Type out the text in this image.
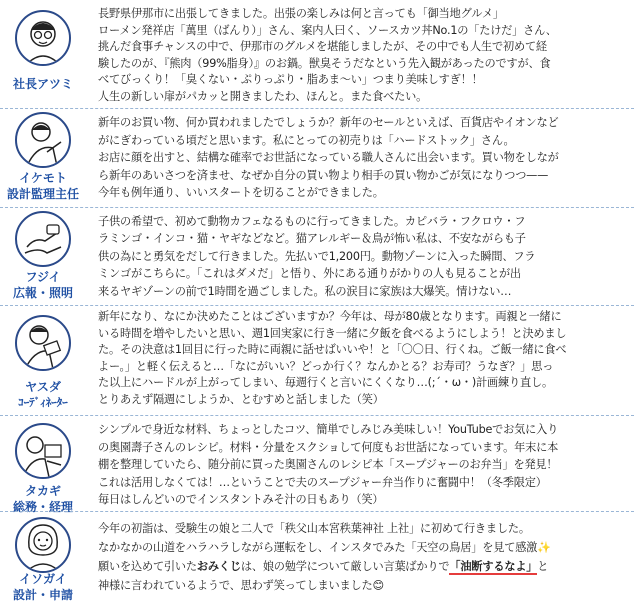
社長アツミ

長野県伊那市に出張してきました。出張の楽しみは何と言っても「御当地グルメ」

ローメン発祥店「萬里（ばんり）」さん、案内人曰く、ソースカツ丼No.1の「たけだ」さん、

挑んだ食事チャンスの中で、伊那市のグルメを堪能しましたが、その中でも人生で初めて経

験したのが、『熊肉（99%脂身）』のお鍋。獣臭そうだなという先入観があったのですが、食

べてびっくり！「臭くない・ぷりっぷり・脂あま〜い」つまり美味しすぎ！！

人生の新しい扉がパカッと開きましたわ、ほんと。また食べたい。

イケモト
設計監理主任

新年のお買い物、何か買われましたでしょうか？新年のセールといえば、百貨店やイオンなど

がにぎわっている頃だと思います。私にとっての初売りは「ハードストック」さん。

お店に顔を出すと、結構な確率でお世話になっている職人さんに出会います。買い物をしなが

ら新年のあいさつを済ませ、なぜか自分の買い物より相手の買い物かごが気になりつつ——

今年も例年通り、いいスタートを切ることができました。

フジイ
広報・照明

子供の希望で、初めて動物カフェなるものに行ってきました。カピバラ・フクロウ・フ

ラミンゴ・インコ・猫・ヤギなどなど。猫アレルギー＆鳥が怖い私は、不安ながらも子

供の為にと勇気をだして行きました。先払いで1,200円。動物ゾーンに入った瞬間、フラ

ミンゴがこちらに。「これはダメだ」と悟り、外にある通りがかりの人も見ることが出

来るヤギゾーンの前で1時間を過ごしました。私の涙目に家族は大爆笑。情けない…

ヤスダ
ｺｰﾃﾞｨﾈｰﾀｰ

新年になり、なにか決めたことはございますか？今年は、母が80歳となります。両親と一緒に

いる時間を増やしたいと思い、週1回実家に行き一緒に夕飯を食べるようにしよう！と決めまし

た。その決意は1回目に行った時に両親に話せばいいや！と「〇〇日、行くね。ご飯一緒に食べ

よー。」と軽く伝えると…「なにがいい？どっか行く？なんかとる？お寿司？うなぎ？」思っ

た以上にハードルが上がってしまい、毎週行くと言いにくくなり…(;´・ω・)計画練り直し。

とりあえず隔週にしようか、とむすめと話しました（笑）

タカギ
総務・経理

シンプルで身近な材料、ちょっとしたコツ、簡単でしみじみ美味しい！YouTubeでお気に入り

の奥園壽子さんのレシピ。材料・分量をスクショして何度もお世話になっています。年末に本

棚を整理していたら、随分前に買った奥園さんのレシピ本「スープジャーのお弁当」を発見！

これは活用しなくては！…ということで夫のスープジャー弁当作りに奮闘中！（冬季限定）

毎日はしんどいのでインスタントみそ汁の日もあり（笑）

イソガイ
設計・申請

今年の初詣は、受験生の娘と二人で「秩父山本宮秩葉神社 上社」に初めて行きました。

なかなかの山道をハラハラしながら運転をし、インスタでみた「天空の鳥居」を見て感激✨

願いを込めて引いたおみくじは、娘の勉学について厳しい言葉ばかりで「油断するなよ」と

神様に言われているようで、思わず笑ってしまいました😊
